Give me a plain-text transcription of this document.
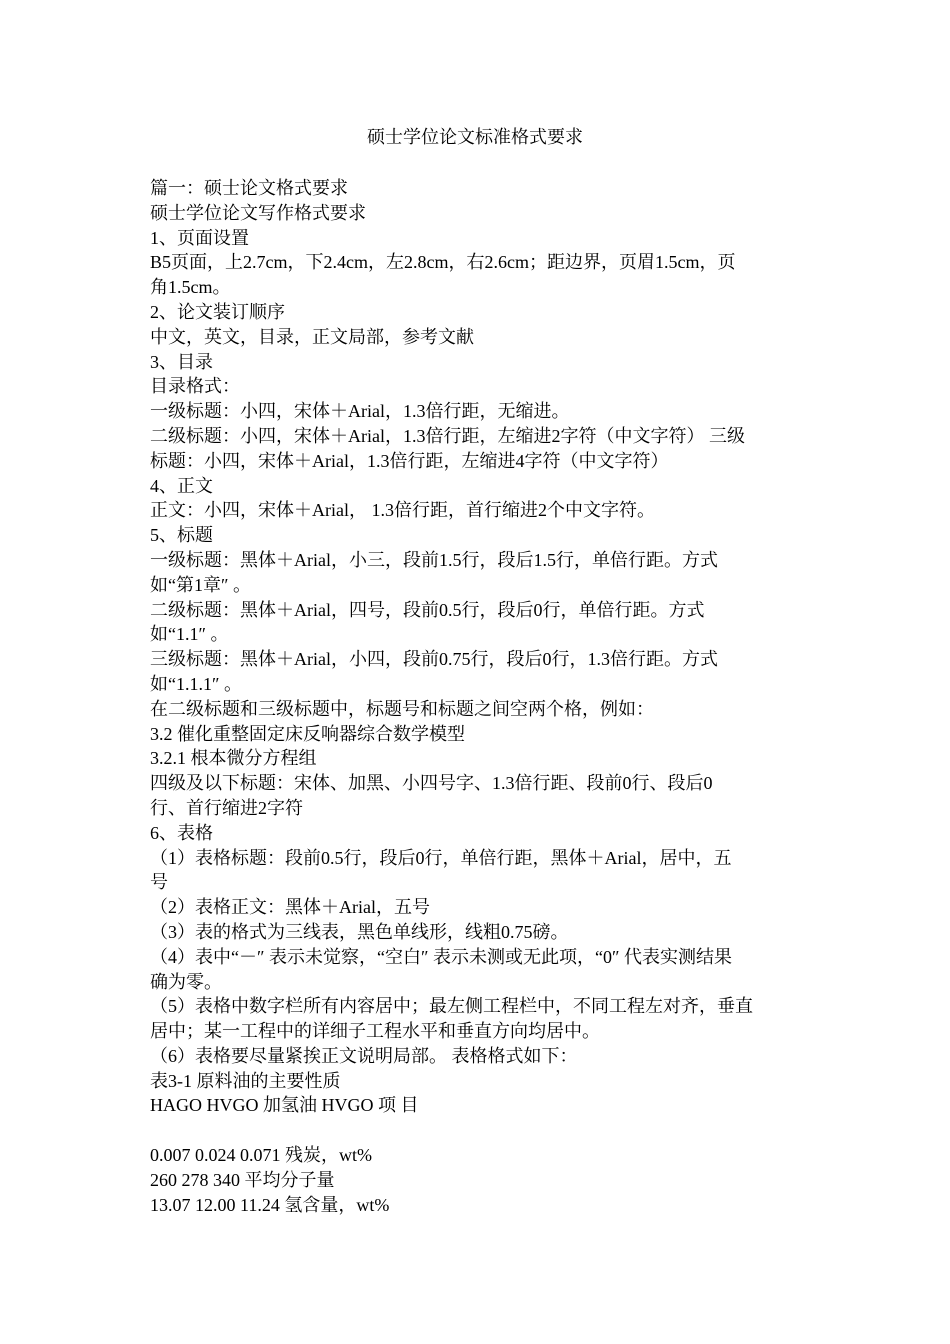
硕士学位论文标准格式要求
篇一：硕士论文格式要求
硕士学位论文写作格式要求
1、页面设置
B5页面，上2.7cm，下2.4cm，左2.8cm，右2.6cm；距边界，页眉1.5cm，页
角1.5cm。
2、论文装订顺序
中文，英文，目录，正文局部，参考文献
3、目录
目录格式：
一级标题：小四，宋体＋Arial，1.3倍行距，无缩进。
二级标题：小四，宋体＋Arial，1.3倍行距，左缩进2字符（中文字符） 三级
标题：小四，宋体＋Arial，1.3倍行距，左缩进4字符（中文字符）
4、正文
正文：小四，宋体＋Arial， 1.3倍行距，首行缩进2个中文字符。
5、标题
一级标题：黑体＋Arial，小三，段前1.5行，段后1.5行，单倍行距。方式
如“第1章″ 。
二级标题：黑体＋Arial，四号，段前0.5行，段后0行，单倍行距。方式
如“1.1″ 。
三级标题：黑体＋Arial，小四，段前0.75行，段后0行，1.3倍行距。方式
如“1.1.1″ 。
在二级标题和三级标题中，标题号和标题之间空两个格，例如：
3.2 催化重整固定床反响器综合数学模型
3.2.1 根本微分方程组
四级及以下标题：宋体、加黑、小四号字、1.3倍行距、段前0行、段后0
行、首行缩进2字符
6、表格
（1）表格标题：段前0.5行，段后0行，单倍行距，黑体＋Arial，居中，五
号
（2）表格正文：黑体＋Arial，五号
（3）表的格式为三线表，黑色单线形，线粗0.75磅。
（4）表中“－″ 表示未觉察，“空白″ 表示未测或无此项，“0″ 代表实测结果
确为零。
（5）表格中数字栏所有内容居中；最左侧工程栏中，不同工程左对齐，垂直
居中；某一工程中的详细子工程水平和垂直方向均居中。
（6）表格要尽量紧挨正文说明局部。 表格格式如下：
表3-1 原料油的主要性质
HAGO HVGO 加氢油 HVGO 项 目
0.007 0.024 0.071 残炭，wt%
260 278 340 平均分子量
13.07 12.00 11.24 氢含量，wt%
